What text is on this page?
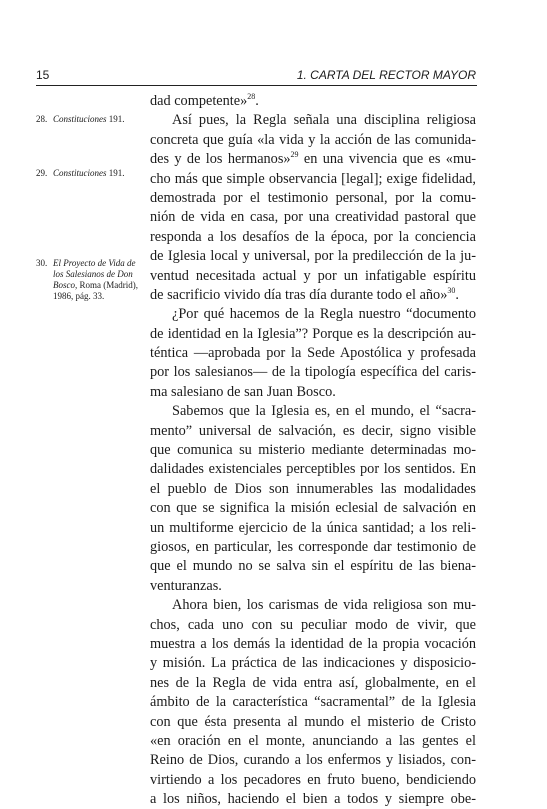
15	1. CARTA DEL RECTOR MAYOR
28. Constituciones 191.
29. Constituciones 191.
30. El Proyecto de Vida de los Salesianos de Don Bosco, Roma (Madrid), 1986, pág. 33.
dad competente»$^{28}$.
Así pues, la Regla señala una disciplina religiosa
concreta que guía «la vida y la acción de las comunida-
des y de los hermanos»$^{29}$ en una vivencia que es «mu-
cho más que simple observancia [legal]; exige fidelidad,
demostrada por el testimonio personal, por la comu-
nión de vida en casa, por una creatividad pastoral que
responda a los desafíos de la época, por la conciencia
de Iglesia local y universal, por la predilección de la ju-
ventud necesitada actual y por un infatigable espíritu
de sacrificio vivido día tras día durante todo el año»$^{30}$.
¿Por qué hacemos de la Regla nuestro “documento
de identidad en la Iglesia”? Porque es la descripción au-
téntica —aprobada por la Sede Apostólica y profesada
por los salesianos— de la tipología específica del caris-
ma salesiano de san Juan Bosco.
Sabemos que la Iglesia es, en el mundo, el “sacra-
mento” universal de salvación, es decir, signo visible
que comunica su misterio mediante determinadas mo-
dalidades existenciales perceptibles por los sentidos. En
el pueblo de Dios son innumerables las modalidades
con que se significa la misión eclesial de salvación en
un multiforme ejercicio de la única santidad; a los reli-
giosos, en particular, les corresponde dar testimonio de
que el mundo no se salva sin el espíritu de las biena-
venturanzas.
Ahora bien, los carismas de vida religiosa son mu-
chos, cada uno con su peculiar modo de vivir, que
muestra a los demás la identidad de la propia vocación
y misión. La práctica de las indicaciones y disposicio-
nes de la Regla de vida entra así, globalmente, en el
ámbito de la característica “sacramental” de la Iglesia
con que ésta presenta al mundo el misterio de Cristo
«en oración en el monte, anunciando a las gentes el
Reino de Dios, curando a los enfermos y lisiados, con-
virtiendo a los pecadores en fruto bueno, bendiciendo
a los niños, haciendo el bien a todos y siempre obe-
